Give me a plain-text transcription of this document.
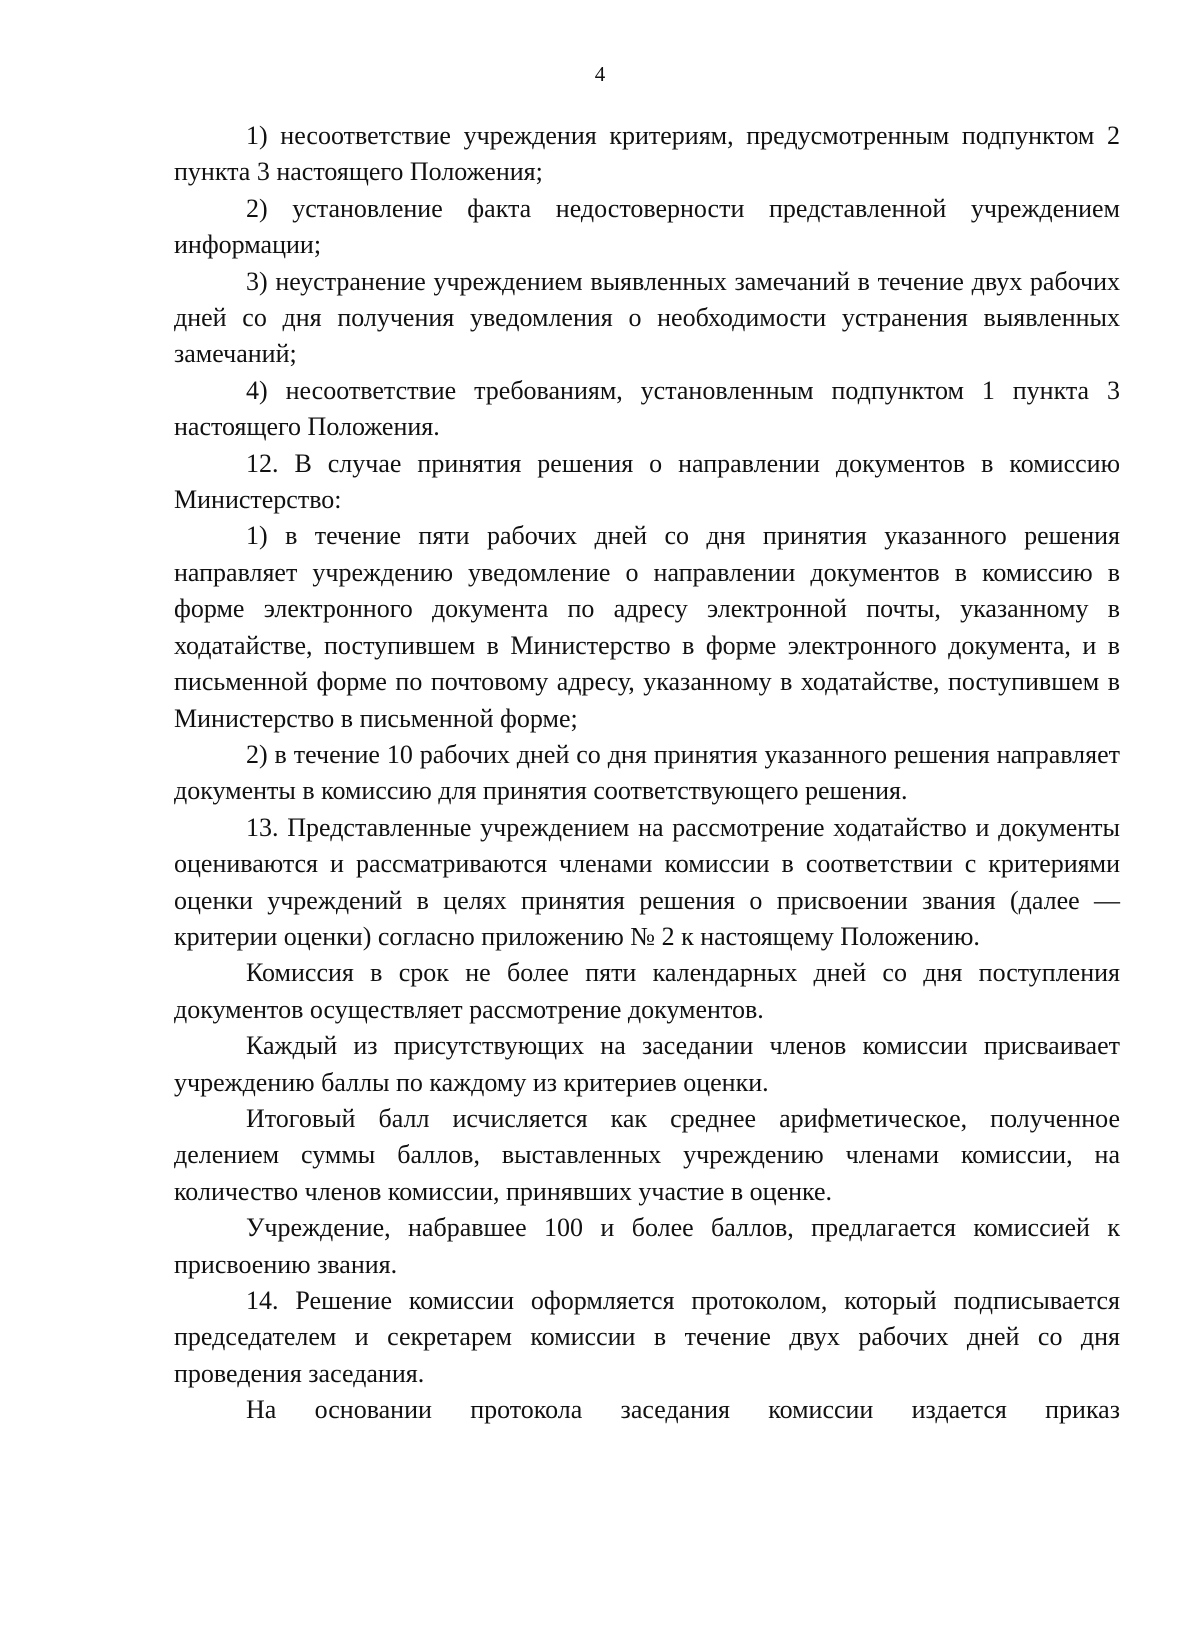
4

1) несоответствие учреждения критериям, предусмотренным подпунктом 2 пункта 3 настоящего Положения;

2) установление факта недостоверности представленной учреждением информации;

3) неустранение учреждением выявленных замечаний в течение двух рабочих дней со дня получения уведомления о необходимости устранения выявленных замечаний;

4) несоответствие требованиям, установленным подпунктом 1 пункта 3 настоящего Положения.

12. В случае принятия решения о направлении документов в комиссию Министерство:

1) в течение пяти рабочих дней со дня принятия указанного решения направляет учреждению уведомление о направлении документов в комиссию в форме электронного документа по адресу электронной почты, указанному в ходатайстве, поступившем в Министерство в форме электронного документа, и в письменной форме по почтовому адресу, указанному в ходатайстве, поступившем в Министерство в письменной форме;

2) в течение 10 рабочих дней со дня принятия указанного решения направляет документы в комиссию для принятия соответствующего решения.

13. Представленные учреждением на рассмотрение ходатайство и документы оцениваются и рассматриваются членами комиссии в соответствии с критериями оценки учреждений в целях принятия решения о присвоении звания (далее — критерии оценки) согласно приложению № 2 к настоящему Положению.

Комиссия в срок не более пяти календарных дней со дня поступления документов осуществляет рассмотрение документов.

Каждый из присутствующих на заседании членов комиссии присваивает учреждению баллы по каждому из критериев оценки.

Итоговый балл исчисляется как среднее арифметическое, полученное делением суммы баллов, выставленных учреждению членами комиссии, на количество членов комиссии, принявших участие в оценке.

Учреждение, набравшее 100 и более баллов, предлагается комиссией к присвоению звания.

14. Решение комиссии оформляется протоколом, который подписывается председателем и секретарем комиссии в течение двух рабочих дней со дня проведения заседания.

На основании протокола заседания комиссии издается приказ
